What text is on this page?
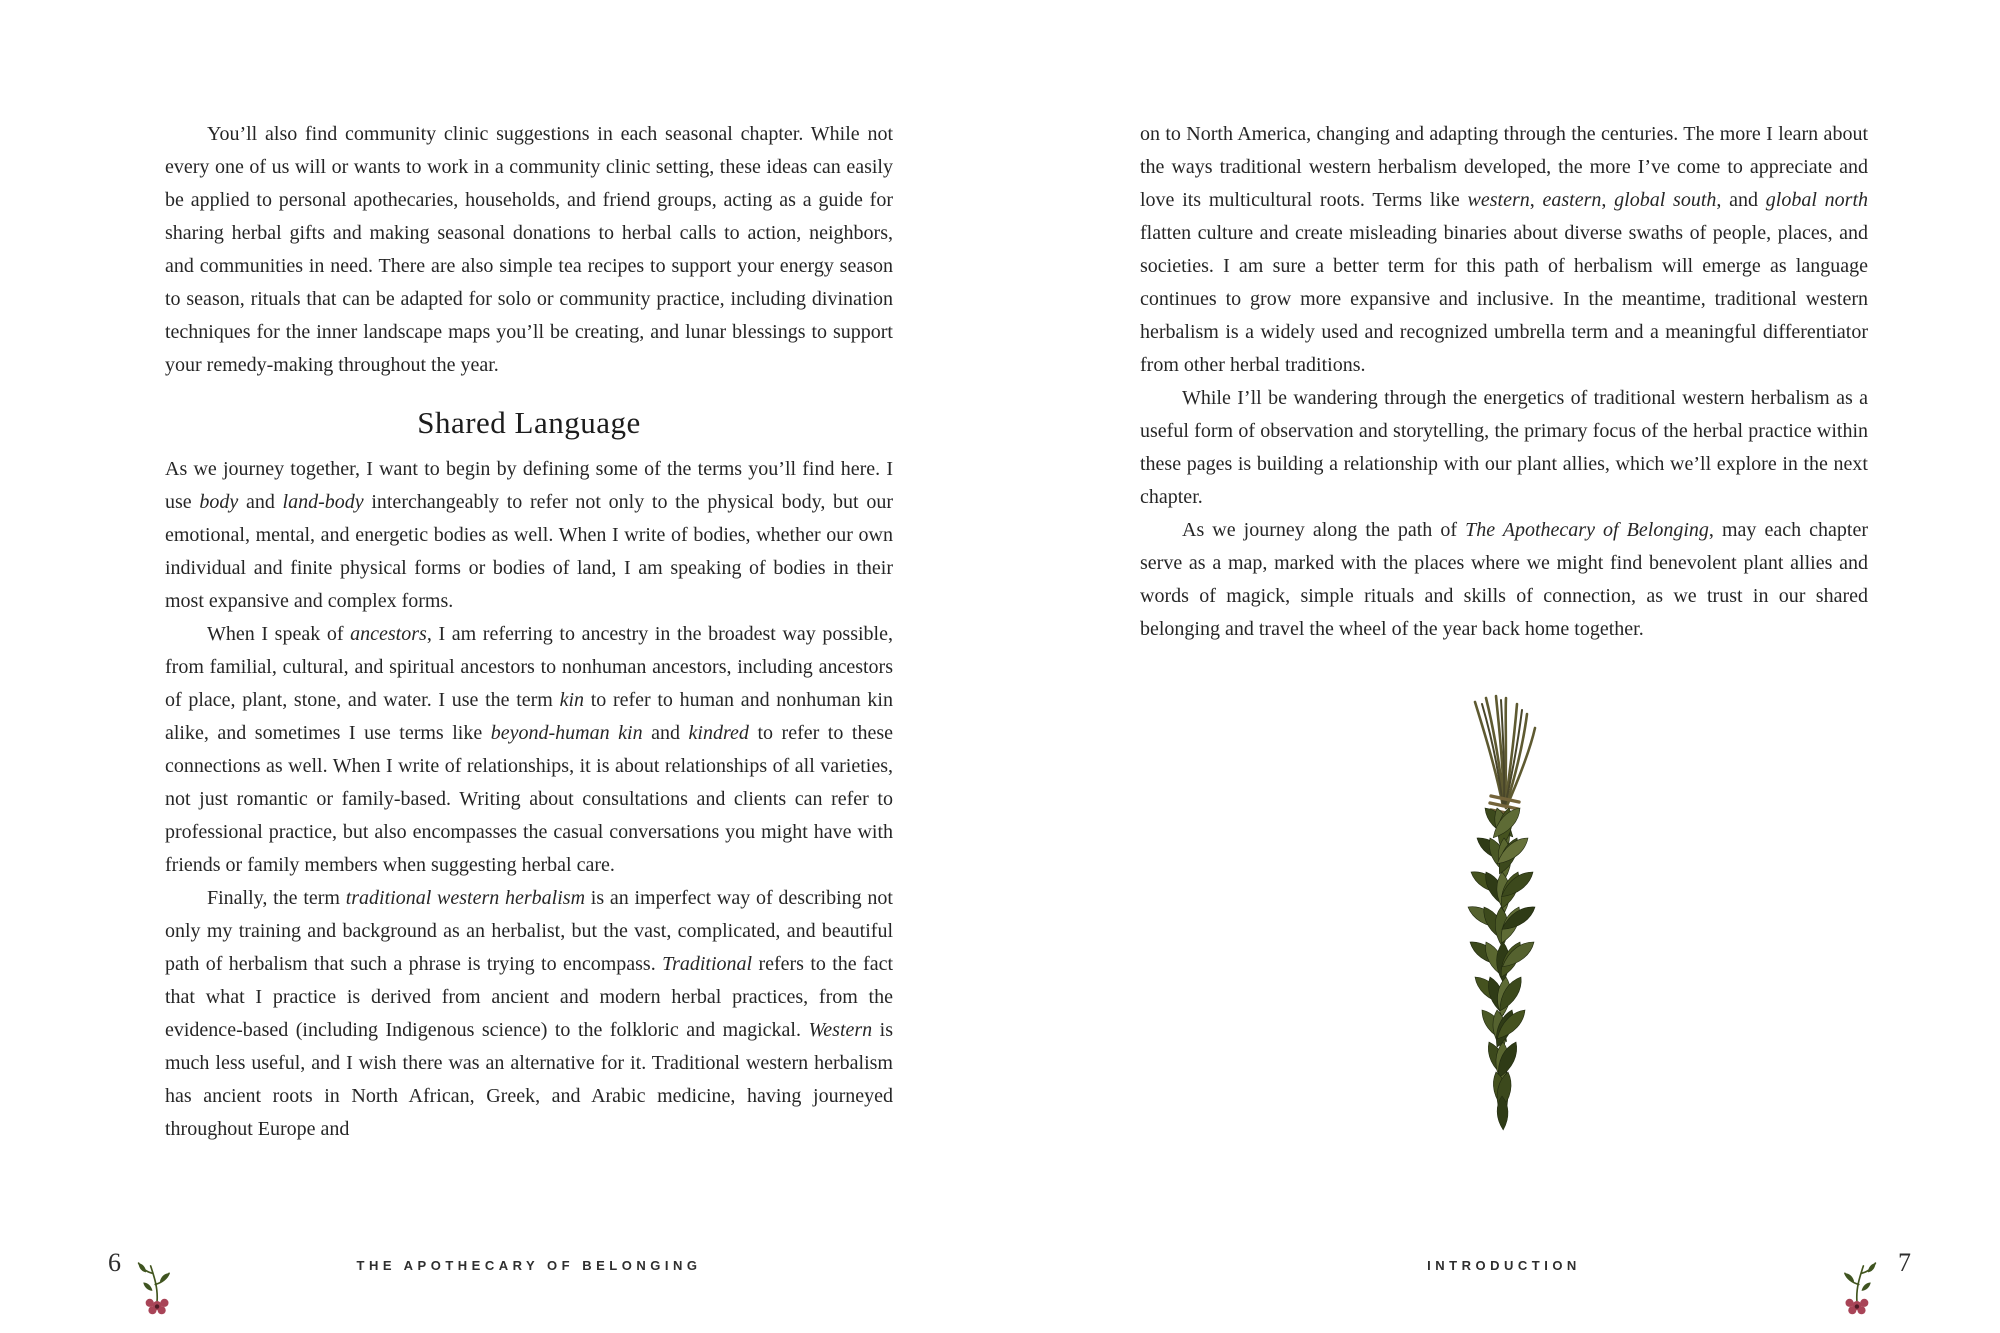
You’ll also find community clinic suggestions in each seasonal chapter. While not every one of us will or wants to work in a community clinic setting, these ideas can easily be applied to personal apothecaries, households, and friend groups, acting as a guide for sharing herbal gifts and making seasonal donations to herbal calls to action, neighbors, and communities in need. There are also simple tea recipes to support your energy season to season, rituals that can be adapted for solo or community practice, including divination techniques for the inner landscape maps you’ll be creating, and lunar blessings to support your remedy-making throughout the year.

Shared Language

As we journey together, I want to begin by defining some of the terms you’ll find here. I use body and land-body interchangeably to refer not only to the physical body, but our emotional, mental, and energetic bodies as well. When I write of bodies, whether our own individual and finite physical forms or bodies of land, I am speaking of bodies in their most expansive and complex forms.

When I speak of ancestors, I am referring to ancestry in the broadest way possible, from familial, cultural, and spiritual ancestors to nonhuman ancestors, including ancestors of place, plant, stone, and water. I use the term kin to refer to human and nonhuman kin alike, and sometimes I use terms like beyond-human kin and kindred to refer to these connections as well. When I write of relationships, it is about relationships of all varieties, not just romantic or family-based. Writing about consultations and clients can refer to professional practice, but also encompasses the casual conversations you might have with friends or family members when suggesting herbal care.

Finally, the term traditional western herbalism is an imperfect way of describing not only my training and background as an herbalist, but the vast, complicated, and beautiful path of herbalism that such a phrase is trying to encompass. Traditional refers to the fact that what I practice is derived from ancient and modern herbal practices, from the evidence-based (including Indigenous science) to the folkloric and magickal. Western is much less useful, and I wish there was an alternative for it. Traditional western herbalism has ancient roots in North African, Greek, and Arabic medicine, having journeyed throughout Europe and

on to North America, changing and adapting through the centuries. The more I learn about the ways traditional western herbalism developed, the more I’ve come to appreciate and love its multicultural roots. Terms like western, eastern, global south, and global north flatten culture and create misleading binaries about diverse swaths of people, places, and societies. I am sure a better term for this path of herbalism will emerge as language continues to grow more expansive and inclusive. In the meantime, traditional western herbalism is a widely used and recognized umbrella term and a meaningful differentiator from other herbal traditions.

While I’ll be wandering through the energetics of traditional western herbalism as a useful form of observation and storytelling, the primary focus of the herbal practice within these pages is building a relationship with our plant allies, which we’ll explore in the next chapter.

As we journey along the path of The Apothecary of Belonging, may each chapter serve as a map, marked with the places where we might find benevolent plant allies and words of magick, simple rituals and skills of connection, as we trust in our shared belonging and travel the wheel of the year back home together.

6	THE APOTHECARY OF BELONGING	INTRODUCTION	7
